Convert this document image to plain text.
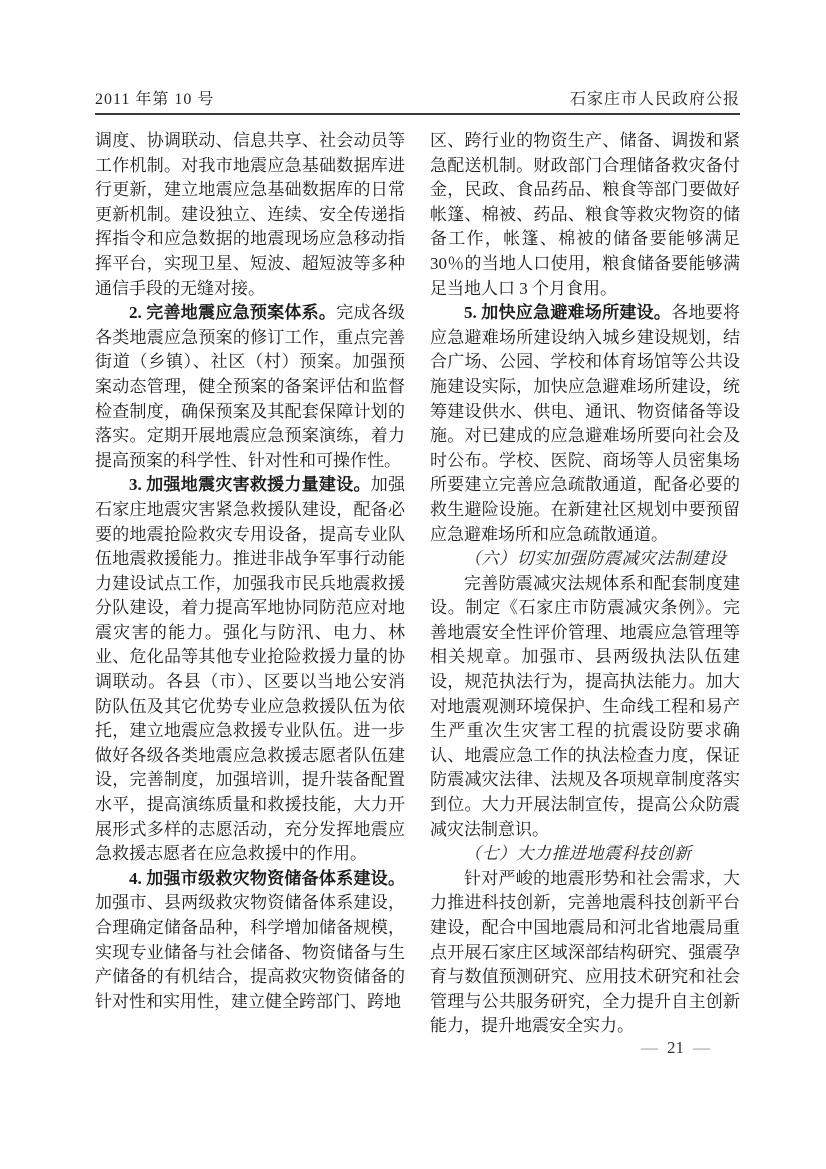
2011 年第 10 号	石家庄市人民政府公报

调度、协调联动、信息共享、社会动员等工作机制。对我市地震应急基础数据库进行更新，建立地震应急基础数据库的日常更新机制。建设独立、连续、安全传递指挥指令和应急数据的地震现场应急移动指挥平台，实现卫星、短波、超短波等多种通信手段的无缝对接。

2. 完善地震应急预案体系。完成各级各类地震应急预案的修订工作，重点完善街道（乡镇）、社区（村）预案。加强预案动态管理，健全预案的备案评估和监督检查制度，确保预案及其配套保障计划的落实。定期开展地震应急预案演练，着力提高预案的科学性、针对性和可操作性。

3. 加强地震灾害救援力量建设。加强石家庄地震灾害紧急救援队建设，配备必要的地震抢险救灾专用设备，提高专业队伍地震救援能力。推进非战争军事行动能力建设试点工作，加强我市民兵地震救援分队建设，着力提高军地协同防范应对地震灾害的能力。强化与防汛、电力、林业、危化品等其他专业抢险救援力量的协调联动。各县（市）、区要以当地公安消防队伍及其它优势专业应急救援队伍为依托，建立地震应急救援专业队伍。进一步做好各级各类地震应急救援志愿者队伍建设，完善制度，加强培训，提升装备配置水平，提高演练质量和救援技能，大力开展形式多样的志愿活动，充分发挥地震应急救援志愿者在应急救援中的作用。

4. 加强市级救灾物资储备体系建设。加强市、县两级救灾物资储备体系建设，合理确定储备品种，科学增加储备规模，实现专业储备与社会储备、物资储备与生产储备的有机结合，提高救灾物资储备的针对性和实用性，建立健全跨部门、跨地

区、跨行业的物资生产、储备、调拨和紧急配送机制。财政部门合理储备救灾备付金，民政、食品药品、粮食等部门要做好帐篷、棉被、药品、粮食等救灾物资的储备工作，帐篷、棉被的储备要能够满足30％的当地人口使用，粮食储备要能够满足当地人口 3 个月食用。

5. 加快应急避难场所建设。各地要将应急避难场所建设纳入城乡建设规划，结合广场、公园、学校和体育场馆等公共设施建设实际，加快应急避难场所建设，统筹建设供水、供电、通讯、物资储备等设施。对已建成的应急避难场所要向社会及时公布。学校、医院、商场等人员密集场所要建立完善应急疏散通道，配备必要的救生避险设施。在新建社区规划中要预留应急避难场所和应急疏散通道。

（六）切实加强防震减灾法制建设

完善防震减灾法规体系和配套制度建设。制定《石家庄市防震减灾条例》。完善地震安全性评价管理、地震应急管理等相关规章。加强市、县两级执法队伍建设，规范执法行为，提高执法能力。加大对地震观测环境保护、生命线工程和易产生严重次生灾害工程的抗震设防要求确认、地震应急工作的执法检查力度，保证防震减灾法律、法规及各项规章制度落实到位。大力开展法制宣传，提高公众防震减灾法制意识。

（七）大力推进地震科技创新

针对严峻的地震形势和社会需求，大力推进科技创新，完善地震科技创新平台建设，配合中国地震局和河北省地震局重点开展石家庄区域深部结构研究、强震孕育与数值预测研究、应用技术研究和社会管理与公共服务研究，全力提升自主创新能力，提升地震安全实力。

— 21 —
